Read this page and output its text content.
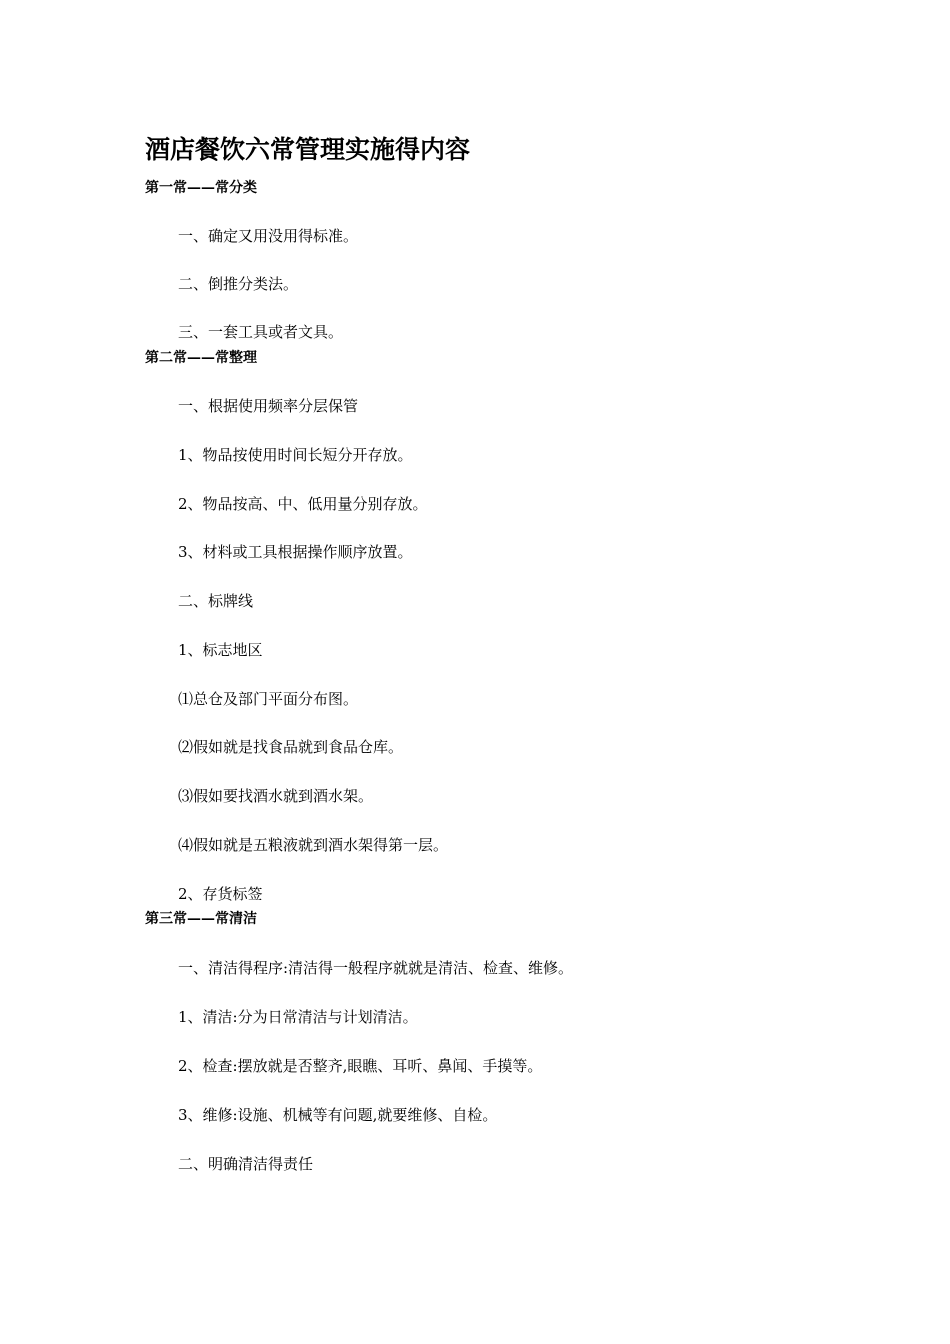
酒店餐饮六常管理实施得内容
第一常——常分类
一、确定又用没用得标准。
二、倒推分类法。
三、一套工具或者文具。
第二常——常整理
一、根据使用频率分层保管
1、物品按使用时间长短分开存放。
2、物品按高、中、低用量分别存放。
3、材料或工具根据操作顺序放置。
二、标牌线
1、标志地区
⑴总仓及部门平面分布图。
⑵假如就是找食品就到食品仓库。
⑶假如要找酒水就到酒水架。
⑷假如就是五粮液就到酒水架得第一层。
2、存货标签
第三常——常清洁
一、清洁得程序:清洁得一般程序就就是清洁、检查、维修。
1、清洁:分为日常清洁与计划清洁。
2、检查:摆放就是否整齐,眼瞧、耳听、鼻闻、手摸等。
3、维修:设施、机械等有问题,就要维修、自检。
二、明确清洁得责任
